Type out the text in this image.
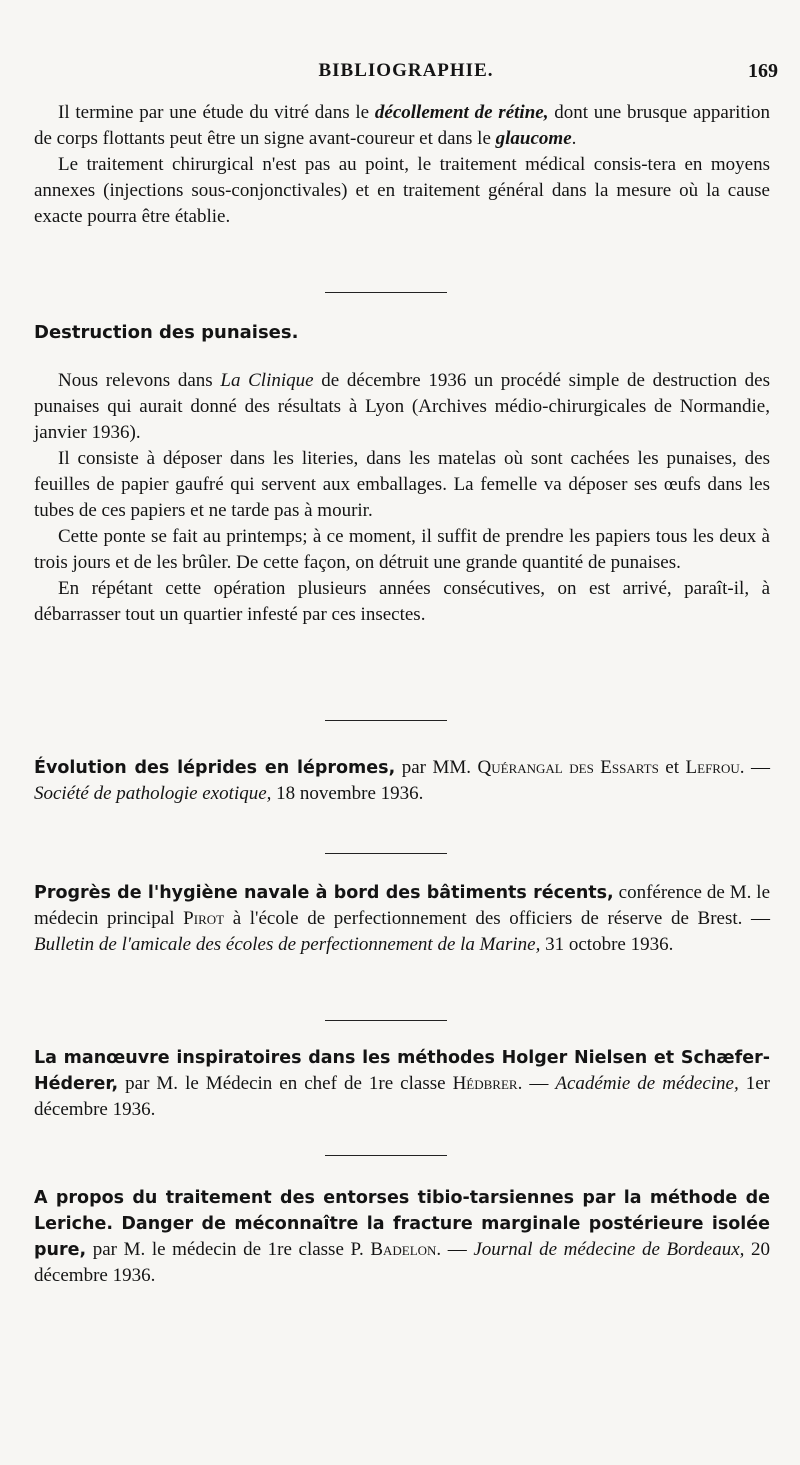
BIBLIOGRAPHIE.	169

Il termine par une étude du vitré dans le décollement de rétine, dont une brusque apparition de corps flottants peut être un signe avant-coureur et dans le glaucome.

Le traitement chirurgical n'est pas au point, le traitement médical consis-tera en moyens annexes (injections sous-conjonctivales) et en traitement général dans la mesure où la cause exacte pourra être établie.

Destruction des punaises.

Nous relevons dans La Clinique de décembre 1936 un procédé simple de destruction des punaises qui aurait donné des résultats à Lyon (Archives médio-chirurgicales de Normandie, janvier 1936).

Il consiste à déposer dans les literies, dans les matelas où sont cachées les punaises, des feuilles de papier gaufré qui servent aux emballages. La femelle va déposer ses œufs dans les tubes de ces papiers et ne tarde pas à mourir.

Cette ponte se fait au printemps; à ce moment, il suffit de prendre les papiers tous les deux à trois jours et de les brûler. De cette façon, on détruit une grande quantité de punaises.

En répétant cette opération plusieurs années consécutives, on est arrivé, paraît-il, à débarrasser tout un quartier infesté par ces insectes.

Évolution des léprides en lépromes, par MM. Quérangal des Essarts et Lefrou. — Société de pathologie exotique, 18 novembre 1936.

Progrès de l'hygiène navale à bord des bâtiments récents, conférence de M. le médecin principal Pirot à l'école de perfectionnement des officiers de réserve de Brest. — Bulletin de l'amicale des écoles de perfectionnement de la Marine, 31 octobre 1936.

La manœuvre inspiratoires dans les méthodes Holger Nielsen et Schæfer-Héderer, par M. le Médecin en chef de 1re classe Hédbrer. — Académie de médecine, 1er décembre 1936.

A propos du traitement des entorses tibio-tarsiennes par la méthode de Leriche. Danger de méconnaître la fracture marginale postérieure isolée pure, par M. le médecin de 1re classe P. Badelon. — Journal de médecine de Bordeaux, 20 décembre 1936.
